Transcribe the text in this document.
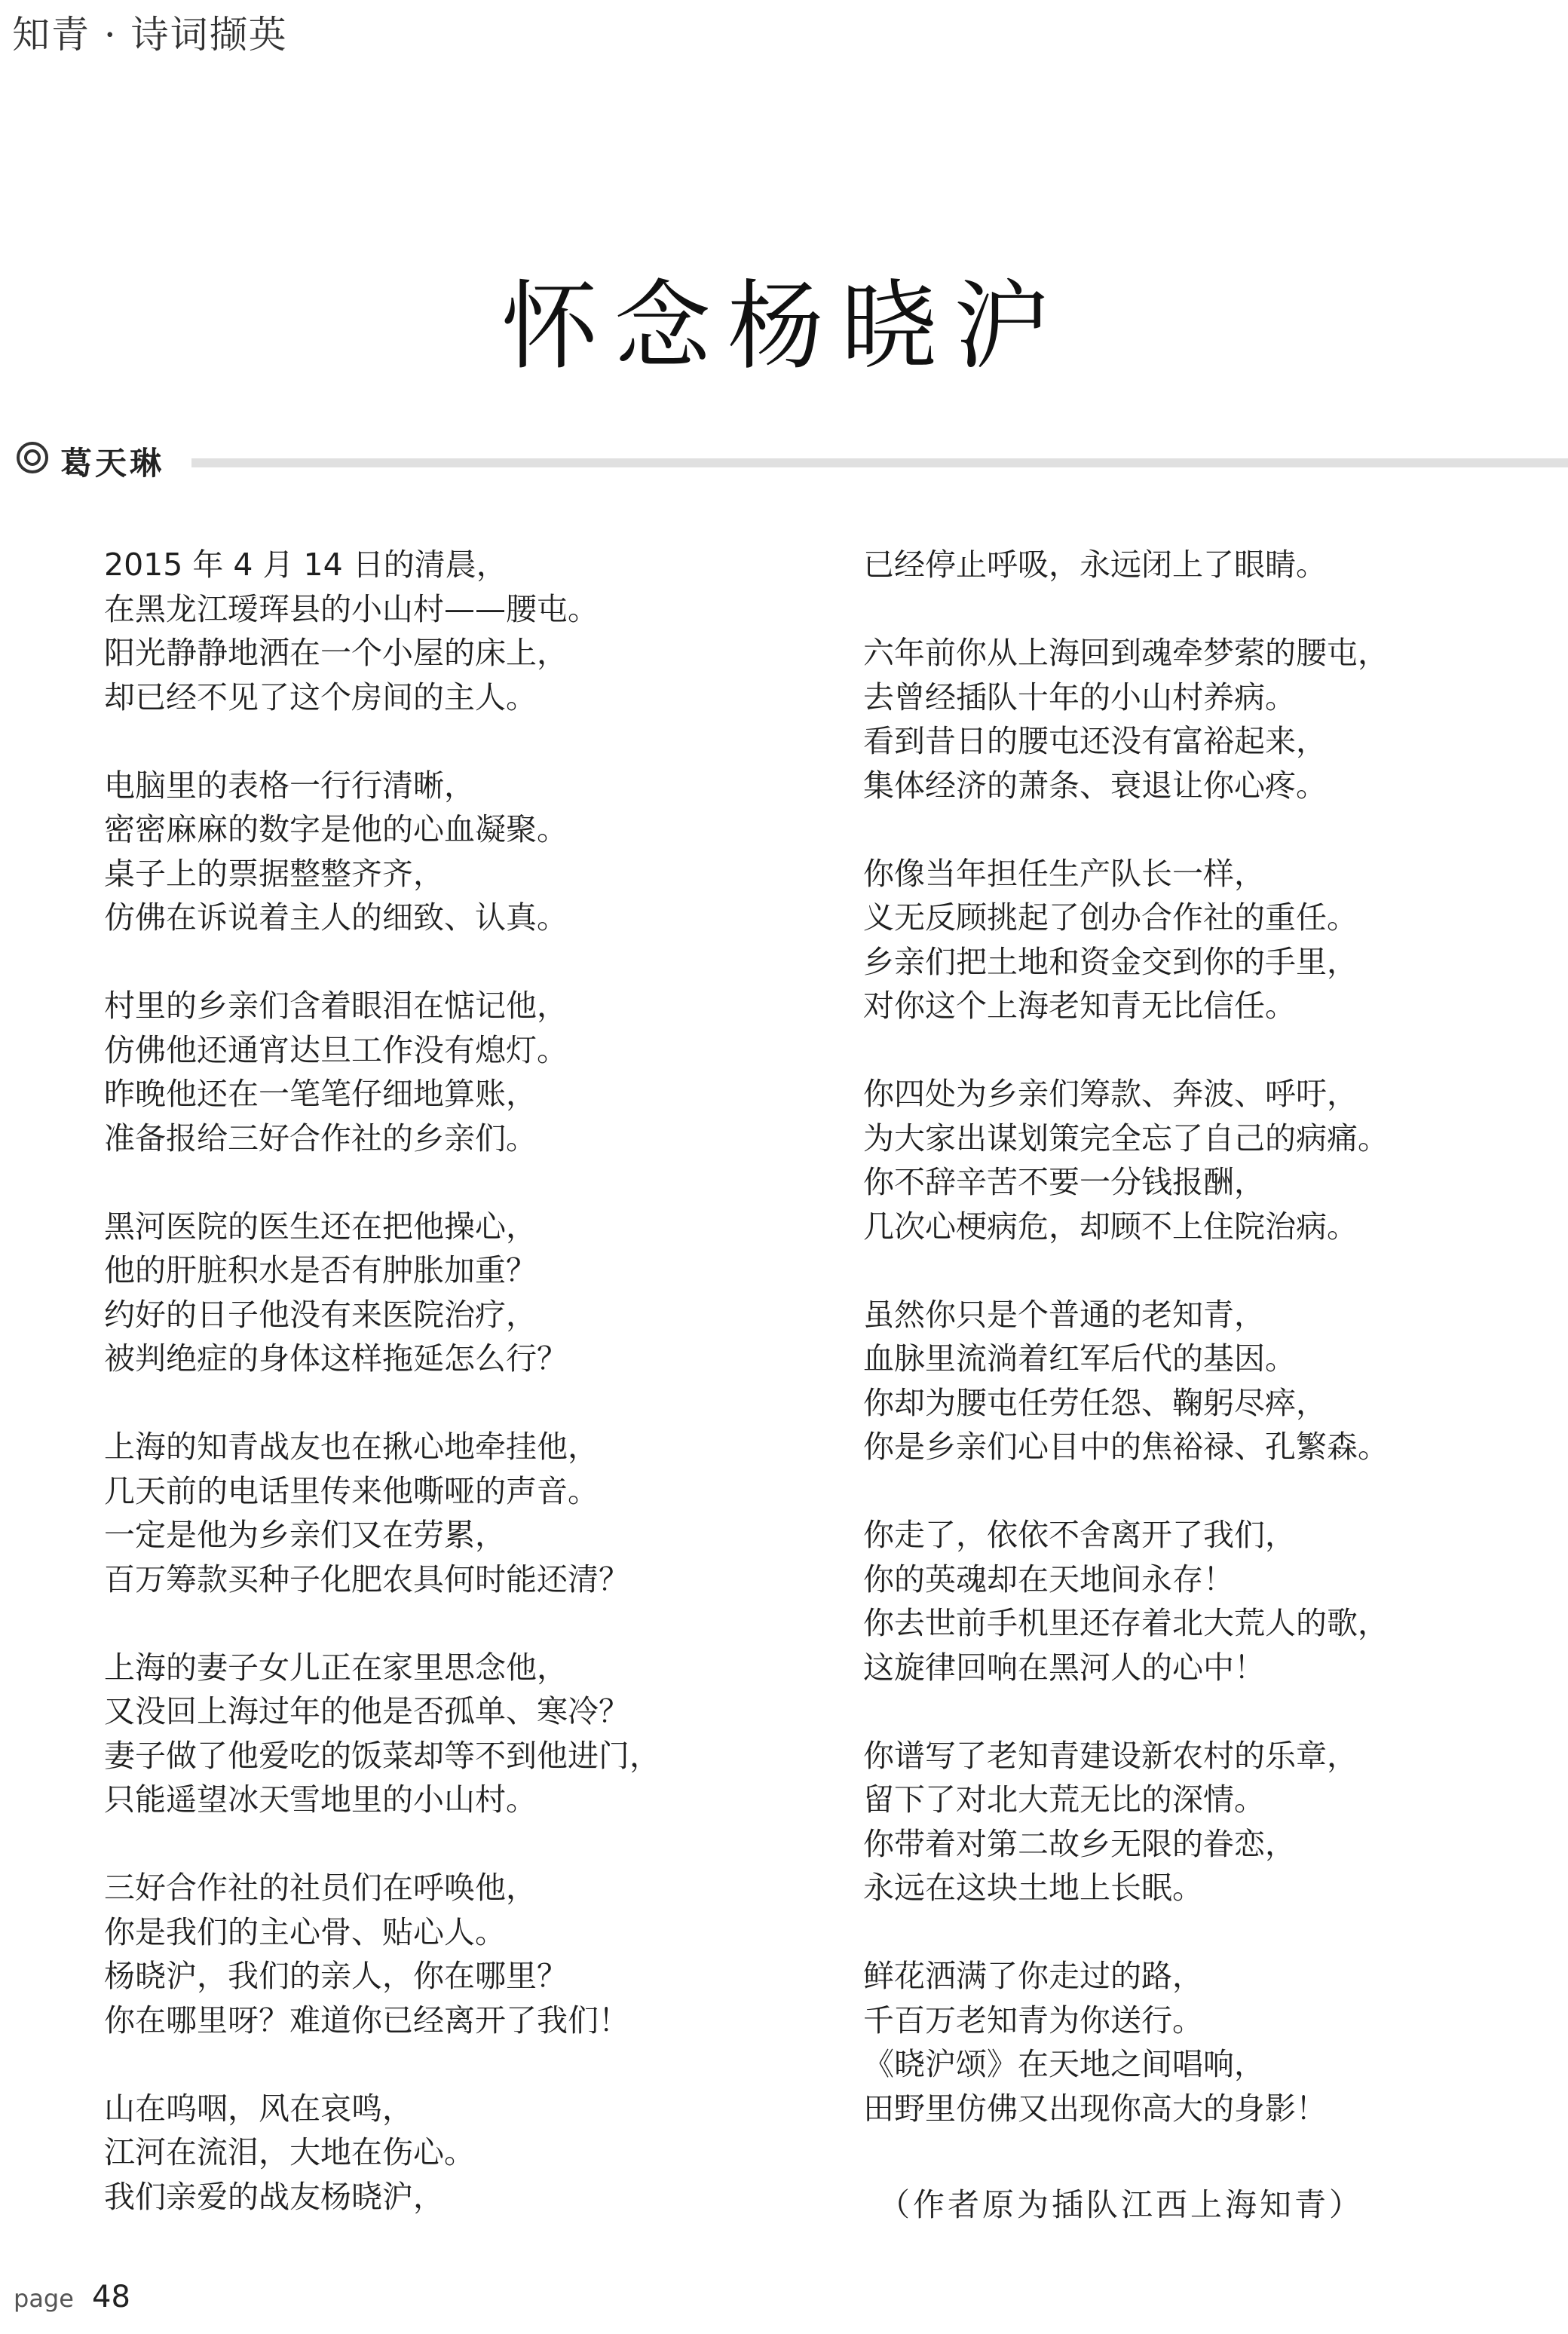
知青 · 诗词撷英
怀念杨晓沪
葛天琳
2015 年 4 月 14 日的清晨，
在黑龙江瑷珲县的小山村——腰屯。
阳光静静地洒在一个小屋的床上，
却已经不见了这个房间的主人。
电脑里的表格一行行清晰，
密密麻麻的数字是他的心血凝聚。
桌子上的票据整整齐齐，
仿佛在诉说着主人的细致、认真。
村里的乡亲们含着眼泪在惦记他，
仿佛他还通宵达旦工作没有熄灯。
昨晚他还在一笔笔仔细地算账，
准备报给三好合作社的乡亲们。
黑河医院的医生还在把他操心，
他的肝脏积水是否有肿胀加重？
约好的日子他没有来医院治疗，
被判绝症的身体这样拖延怎么行？
上海的知青战友也在揪心地牵挂他，
几天前的电话里传来他嘶哑的声音。
一定是他为乡亲们又在劳累，
百万筹款买种子化肥农具何时能还清？
上海的妻子女儿正在家里思念他，
又没回上海过年的他是否孤单、寒冷？
妻子做了他爱吃的饭菜却等不到他进门，
只能遥望冰天雪地里的小山村。
三好合作社的社员们在呼唤他，
你是我们的主心骨、贴心人。
杨晓沪，我们的亲人，你在哪里？
你在哪里呀？难道你已经离开了我们！
山在呜咽，风在哀鸣，
江河在流泪，大地在伤心。
我们亲爱的战友杨晓沪，
已经停止呼吸，永远闭上了眼睛。
六年前你从上海回到魂牵梦萦的腰屯，
去曾经插队十年的小山村养病。
看到昔日的腰屯还没有富裕起来，
集体经济的萧条、衰退让你心疼。
你像当年担任生产队长一样，
义无反顾挑起了创办合作社的重任。
乡亲们把土地和资金交到你的手里，
对你这个上海老知青无比信任。
你四处为乡亲们筹款、奔波、呼吁，
为大家出谋划策完全忘了自己的病痛。
你不辞辛苦不要一分钱报酬，
几次心梗病危，却顾不上住院治病。
虽然你只是个普通的老知青，
血脉里流淌着红军后代的基因。
你却为腰屯任劳任怨、鞠躬尽瘁，
你是乡亲们心目中的焦裕禄、孔繁森。
你走了，依依不舍离开了我们，
你的英魂却在天地间永存！
你去世前手机里还存着北大荒人的歌，
这旋律回响在黑河人的心中！
你谱写了老知青建设新农村的乐章，
留下了对北大荒无比的深情。
你带着对第二故乡无限的眷恋，
永远在这块土地上长眠。
鲜花洒满了你走过的路，
千百万老知青为你送行。
《晓沪颂》在天地之间唱响，
田野里仿佛又出现你高大的身影！
（作者原为插队江西上海知青）
page 48
